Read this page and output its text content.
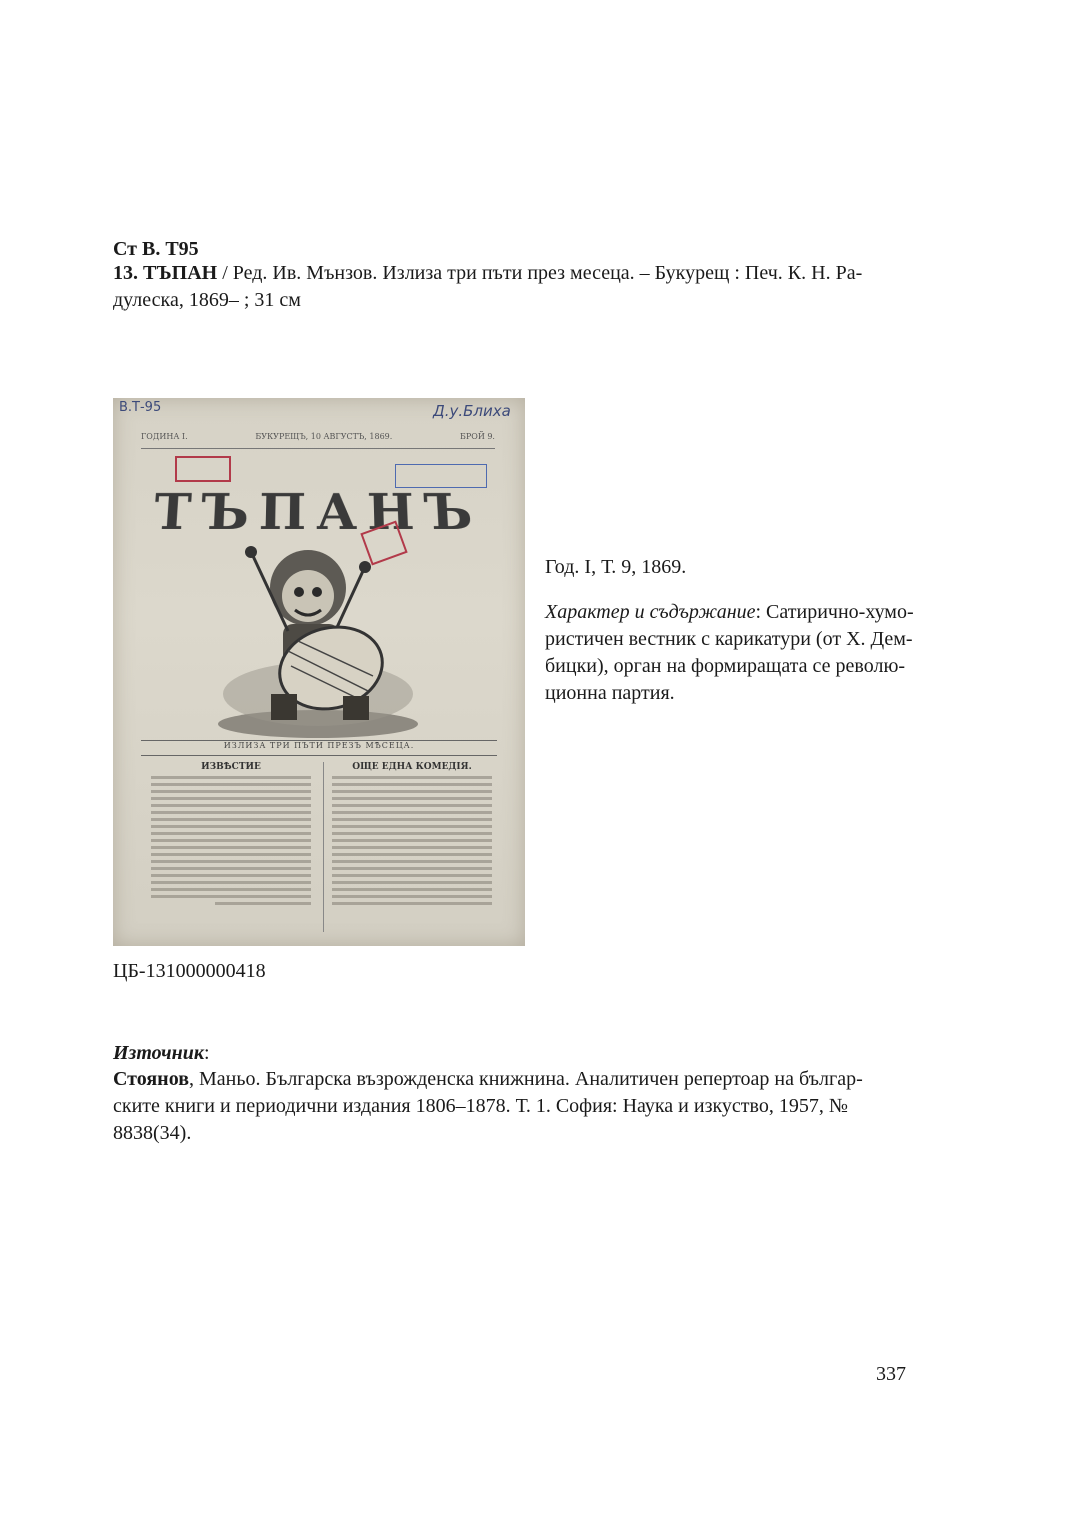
Ст В. Т95
13. ТЪПАН / Ред. Ив. Мънзов. Излиза три пъти през месеца. – Букурещ : Печ. К. Н. Ра-
дулеска, 1869– ; 31 см
В.Т-95	Д.у.Блиха
ГОДИНА I.	БУКУРЕЩЪ, 10 АВГУСТЪ, 1869.	БРОЙ 9.
ТЪПАНЪ
ИЗЛИЗА ТРИ ПЪТИ ПРЕЗЪ МѢСЕЦА.
ИЗВѢСТИЕ	ОЩЕ ЕДНА КОМЕДІЯ.
Год. I, Т. 9, 1869.
Характер и съдържание: Сатирично-хумо-
ристичен вестник с карикатури (от Х. Дем-
бицки), орган на формиращата се револю-
ционна партия.
ЦБ-131000000418
Източник:
Стоянов, Маньо. Българска възрожденска книжнина. Аналитичен репертоар на българ-
ските книги и периодични издания 1806–1878. Т. 1. София: Наука и изкуство, 1957, №
8838(34).
337
